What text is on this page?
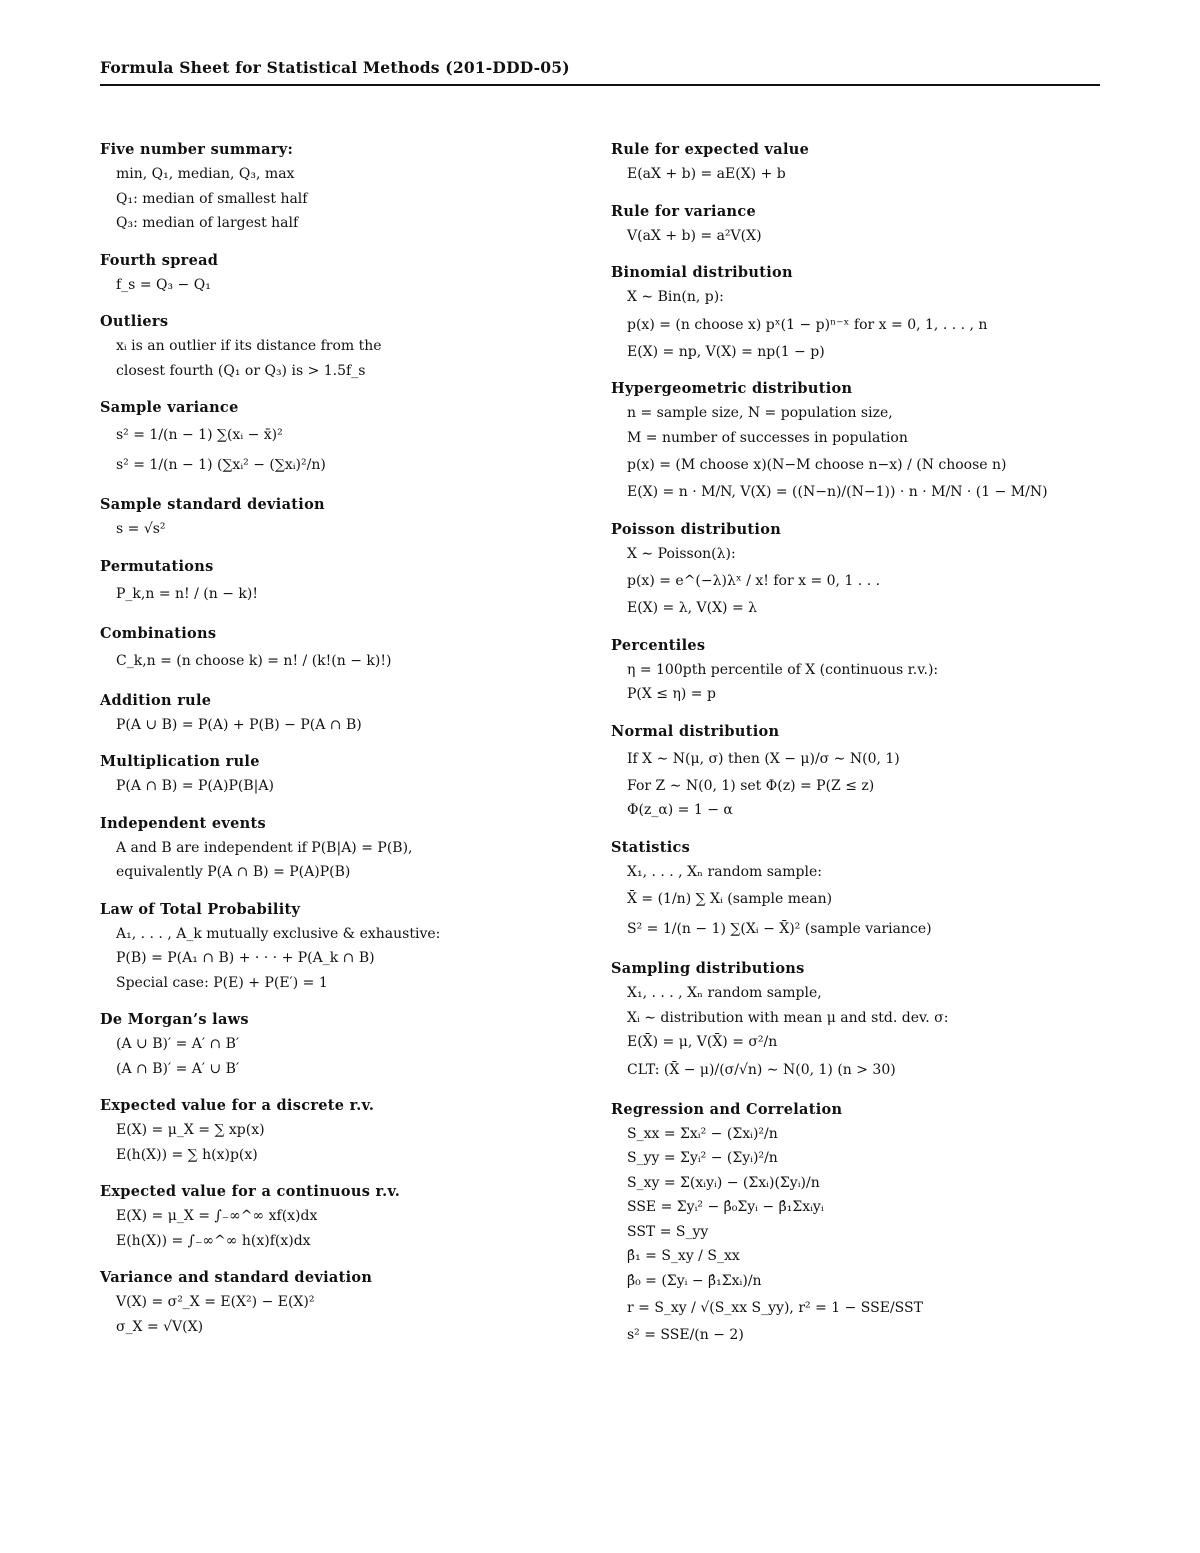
Formula Sheet for Statistical Methods (201-DDD-05)
Five number summary:
min, Q₁, median, Q₃, max
Q₁: median of smallest half
Q₃: median of largest half
Fourth spread
f_s = Q₃ − Q₁
Outliers
xᵢ is an outlier if its distance from the
closest fourth (Q₁ or Q₃) is > 1.5f_s
Sample variance
s² = 1/(n − 1) ∑(xᵢ − x̄)²
s² = 1/(n − 1) (∑xᵢ² − (∑xᵢ)²/n)
Sample standard deviation
s = √s²
Permutations
P_k,n = n! / (n − k)!
Combinations
C_k,n = (n choose k) = n! / (k!(n − k)!)
Addition rule
P(A ∪ B) = P(A) + P(B) − P(A ∩ B)
Multiplication rule
P(A ∩ B) = P(A)P(B|A)
Independent events
A and B are independent if P(B|A) = P(B),
equivalently P(A ∩ B) = P(A)P(B)
Law of Total Probability
A₁, . . . , A_k mutually exclusive & exhaustive:
P(B) = P(A₁ ∩ B) + · · · + P(A_k ∩ B)
Special case: P(E) + P(E′) = 1
De Morgan’s laws
(A ∪ B)′ = A′ ∩ B′
(A ∩ B)′ = A′ ∪ B′
Expected value for a discrete r.v.
E(X) = μ_X = ∑ xp(x)
E(h(X)) = ∑ h(x)p(x)
Expected value for a continuous r.v.
E(X) = μ_X = ∫₋∞^∞ xf(x)dx
E(h(X)) = ∫₋∞^∞ h(x)f(x)dx
Variance and standard deviation
V(X) = σ²_X = E(X²) − E(X)²
σ_X = √V(X)
Rule for expected value
E(aX + b) = aE(X) + b
Rule for variance
V(aX + b) = a²V(X)
Binomial distribution
X ∼ Bin(n, p):
p(x) = (n choose x) pˣ(1 − p)ⁿ⁻ˣ for x = 0, 1, . . . , n
E(X) = np, V(X) = np(1 − p)
Hypergeometric distribution
n = sample size, N = population size,
M = number of successes in population
p(x) = (M choose x)(N−M choose n−x) / (N choose n)
E(X) = n · M/N, V(X) = ((N−n)/(N−1)) · n · M/N · (1 − M/N)
Poisson distribution
X ∼ Poisson(λ):
p(x) = e^(−λ)λˣ / x! for x = 0, 1 . . .
E(X) = λ, V(X) = λ
Percentiles
η = 100pth percentile of X (continuous r.v.):
P(X ≤ η) = p
Normal distribution
If X ∼ N(μ, σ) then (X − μ)/σ ∼ N(0, 1)
For Z ∼ N(0, 1) set Φ(z) = P(Z ≤ z)
Φ(z_α) = 1 − α
Statistics
X₁, . . . , Xₙ random sample:
X̄ = (1/n) ∑ Xᵢ (sample mean)
S² = 1/(n − 1) ∑(Xᵢ − X̄)² (sample variance)
Sampling distributions
X₁, . . . , Xₙ random sample,
Xᵢ ∼ distribution with mean μ and std. dev. σ:
E(X̄) = μ, V(X̄) = σ²/n
CLT: (X̄ − μ)/(σ/√n) ∼ N(0, 1) (n > 30)
Regression and Correlation
S_xx = Σxᵢ² − (Σxᵢ)²/n
S_yy = Σyᵢ² − (Σyᵢ)²/n
S_xy = Σ(xᵢyᵢ) − (Σxᵢ)(Σyᵢ)/n
SSE = Σyᵢ² − β̂₀Σyᵢ − β̂₁Σxᵢyᵢ
SST = S_yy
β̂₁ = S_xy / S_xx
β̂₀ = (Σyᵢ − β̂₁Σxᵢ)/n
r = S_xy / √(S_xx S_yy), r² = 1 − SSE/SST
s² = SSE/(n − 2)
